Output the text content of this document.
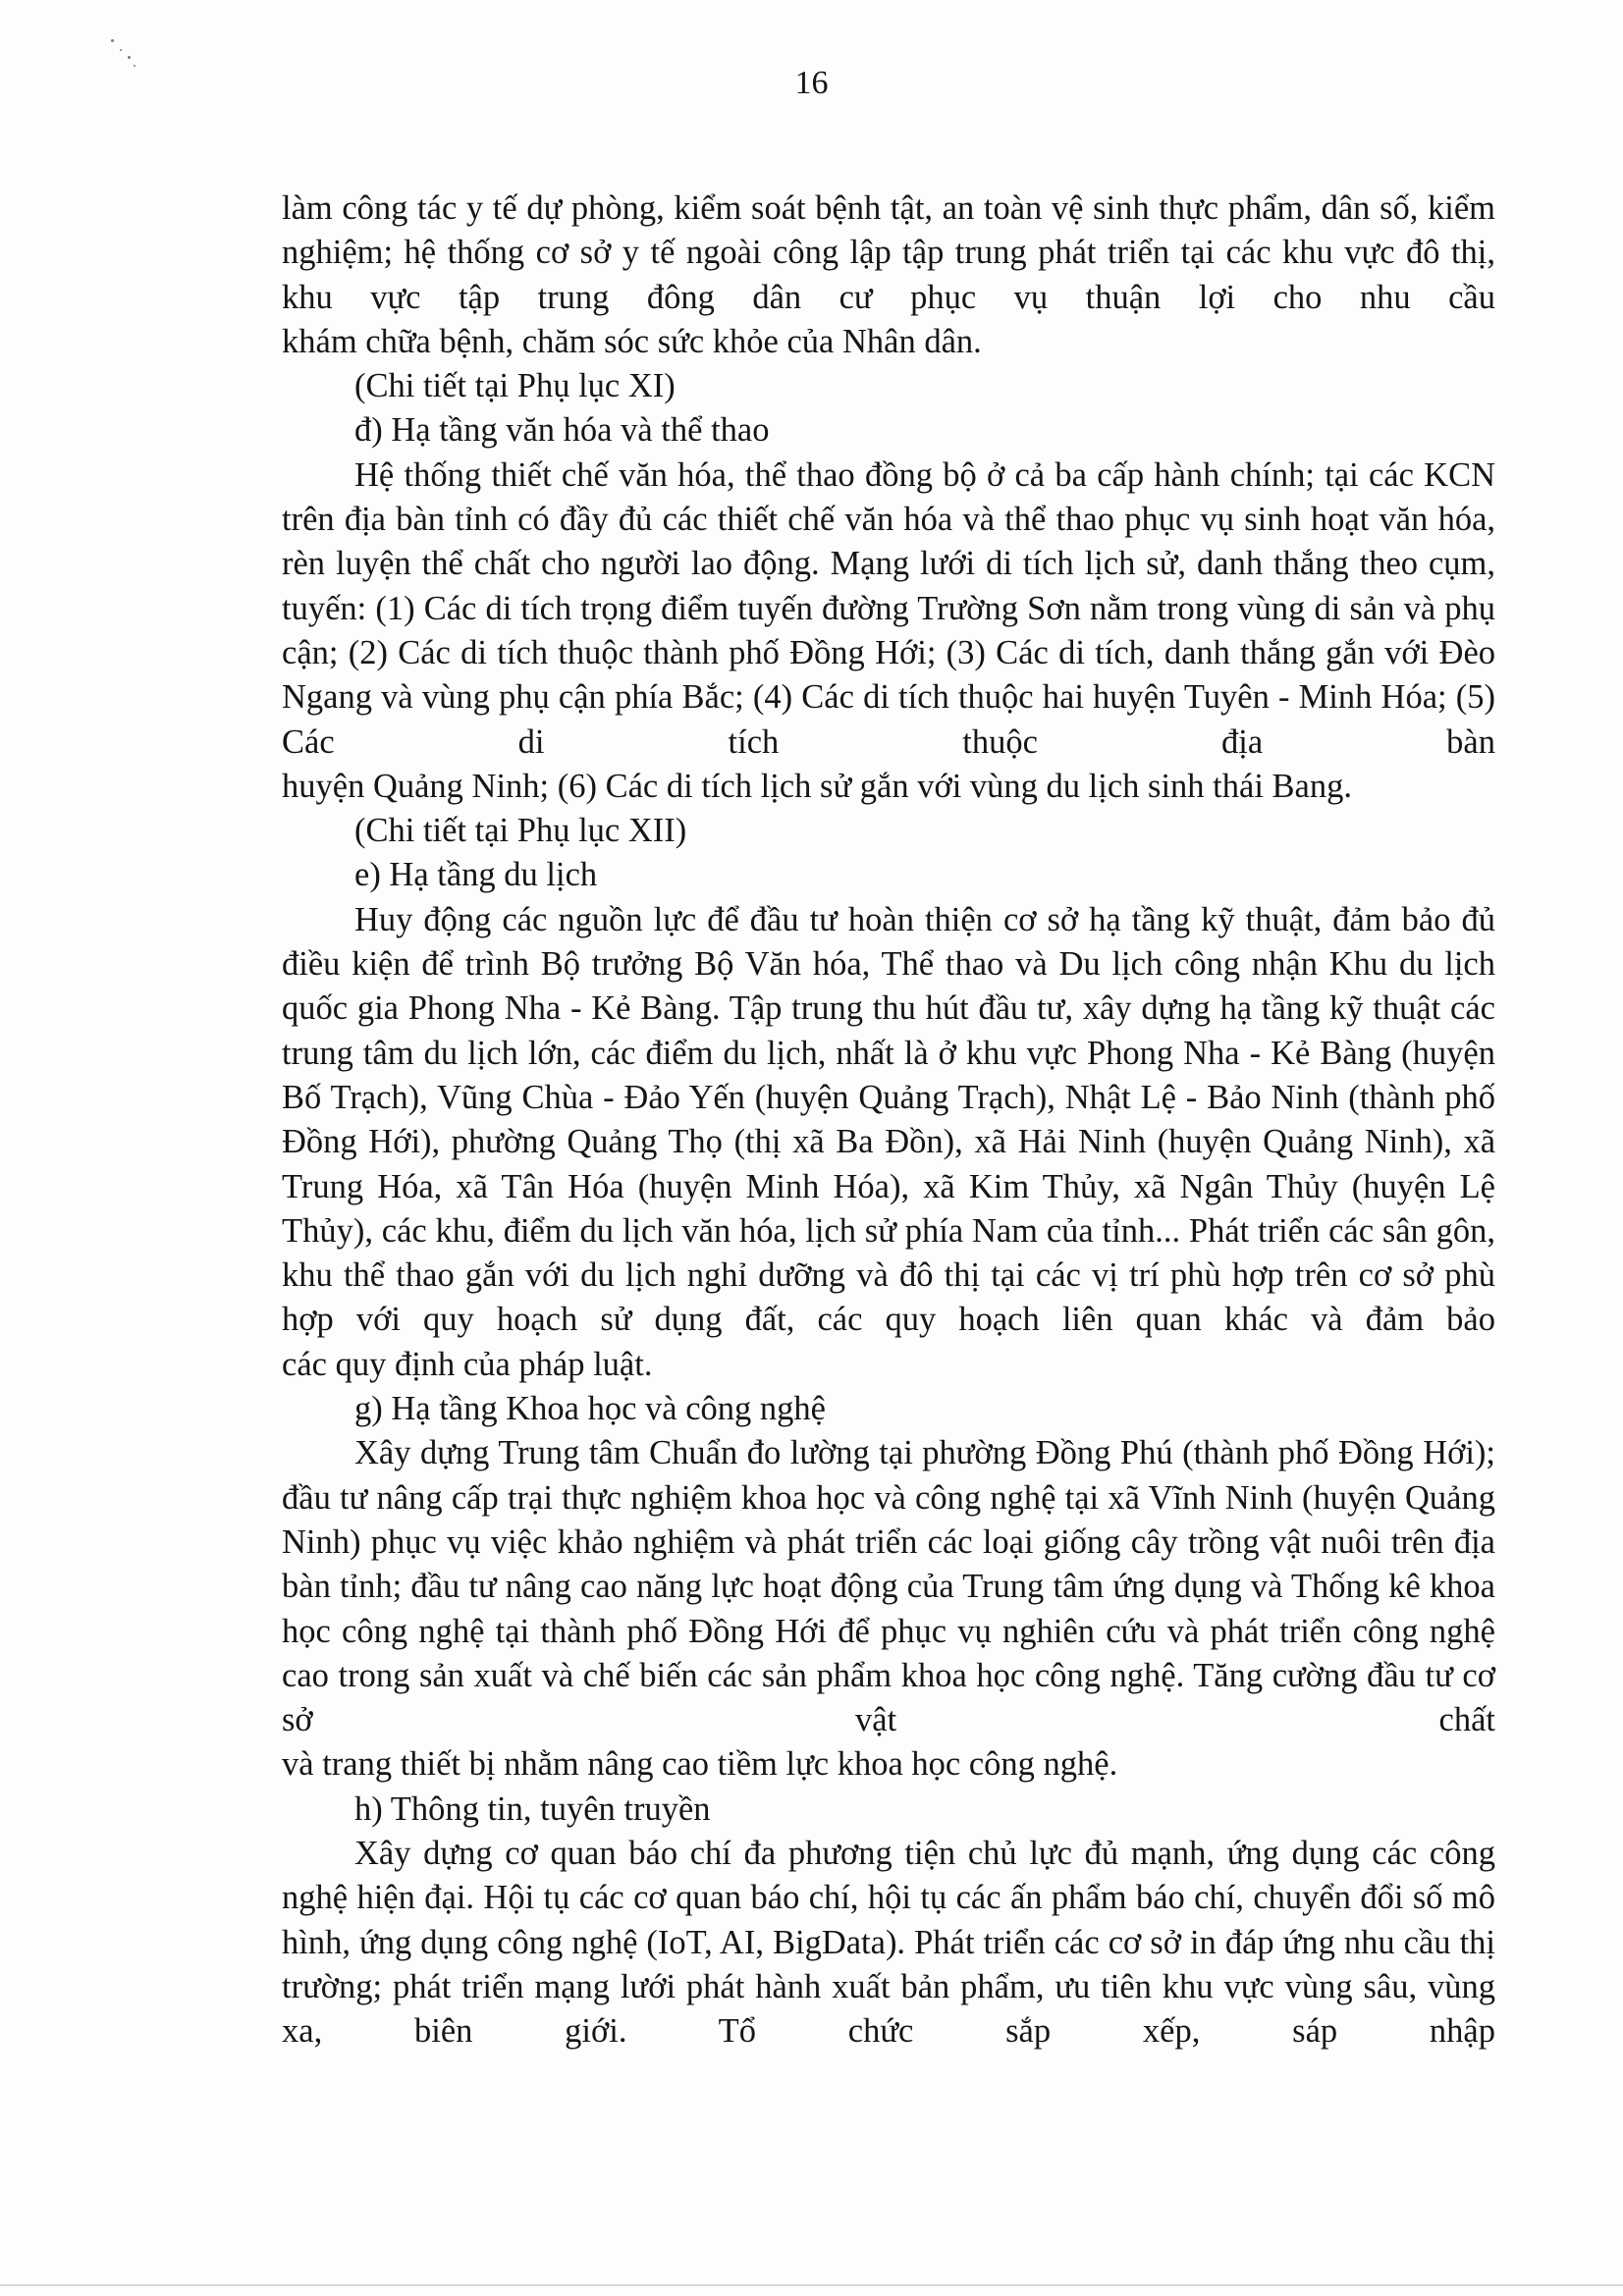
16

làm công tác y tế dự phòng, kiểm soát bệnh tật, an toàn vệ sinh thực phẩm, dân số, kiểm nghiệm; hệ thống cơ sở y tế ngoài công lập tập trung phát triển tại các khu vực đô thị, khu vực tập trung đông dân cư phục vụ thuận lợi cho nhu cầu

khám chữa bệnh, chăm sóc sức khỏe của Nhân dân.

(Chi tiết tại Phụ lục XI)

đ) Hạ tầng văn hóa và thể thao

Hệ thống thiết chế văn hóa, thể thao đồng bộ ở cả ba cấp hành chính; tại các KCN trên địa bàn tỉnh có đầy đủ các thiết chế văn hóa và thể thao phục vụ sinh hoạt văn hóa, rèn luyện thể chất cho người lao động. Mạng lưới di tích lịch sử, danh thắng theo cụm, tuyến: (1) Các di tích trọng điểm tuyến đường Trường Sơn nằm trong vùng di sản và phụ cận; (2) Các di tích thuộc thành phố Đồng Hới; (3) Các di tích, danh thắng gắn với Đèo Ngang và vùng phụ cận phía Bắc; (4) Các di tích thuộc hai huyện Tuyên - Minh Hóa; (5) Các di tích thuộc địa bàn

huyện Quảng Ninh; (6) Các di tích lịch sử gắn với vùng du lịch sinh thái Bang.

(Chi tiết tại Phụ lục XII)

e) Hạ tầng du lịch

Huy động các nguồn lực để đầu tư hoàn thiện cơ sở hạ tầng kỹ thuật, đảm bảo đủ điều kiện để trình Bộ trưởng Bộ Văn hóa, Thể thao và Du lịch công nhận Khu du lịch quốc gia Phong Nha - Kẻ Bàng. Tập trung thu hút đầu tư, xây dựng hạ tầng kỹ thuật các trung tâm du lịch lớn, các điểm du lịch, nhất là ở khu vực Phong Nha - Kẻ Bàng (huyện Bố Trạch), Vũng Chùa - Đảo Yến (huyện Quảng Trạch), Nhật Lệ - Bảo Ninh (thành phố Đồng Hới), phường Quảng Thọ (thị xã Ba Đồn), xã Hải Ninh (huyện Quảng Ninh), xã Trung Hóa, xã Tân Hóa (huyện Minh Hóa), xã Kim Thủy, xã Ngân Thủy (huyện Lệ Thủy), các khu, điểm du lịch văn hóa, lịch sử phía Nam của tỉnh... Phát triển các sân gôn, khu thể thao gắn với du lịch nghỉ dưỡng và đô thị tại các vị trí phù hợp trên cơ sở phù hợp với quy hoạch sử dụng đất, các quy hoạch liên quan khác và đảm bảo

các quy định của pháp luật.

g) Hạ tầng Khoa học và công nghệ

Xây dựng Trung tâm Chuẩn đo lường tại phường Đồng Phú (thành phố Đồng Hới); đầu tư nâng cấp trại thực nghiệm khoa học và công nghệ tại xã Vĩnh Ninh (huyện Quảng Ninh) phục vụ việc khảo nghiệm và phát triển các loại giống cây trồng vật nuôi trên địa bàn tỉnh; đầu tư nâng cao năng lực hoạt động của Trung tâm ứng dụng và Thống kê khoa học công nghệ tại thành phố Đồng Hới để phục vụ nghiên cứu và phát triển công nghệ cao trong sản xuất và chế biến các sản phẩm khoa học công nghệ. Tăng cường đầu tư cơ sở vật chất

và trang thiết bị nhằm nâng cao tiềm lực khoa học công nghệ.

h) Thông tin, tuyên truyền

Xây dựng cơ quan báo chí đa phương tiện chủ lực đủ mạnh, ứng dụng các công nghệ hiện đại. Hội tụ các cơ quan báo chí, hội tụ các ấn phẩm báo chí, chuyển đổi số mô hình, ứng dụng công nghệ (IoT, AI, BigData). Phát triển các cơ sở in đáp ứng nhu cầu thị trường; phát triển mạng lưới phát hành xuất bản phẩm, ưu tiên khu vực vùng sâu, vùng xa, biên giới. Tổ chức sắp xếp, sáp nhập
